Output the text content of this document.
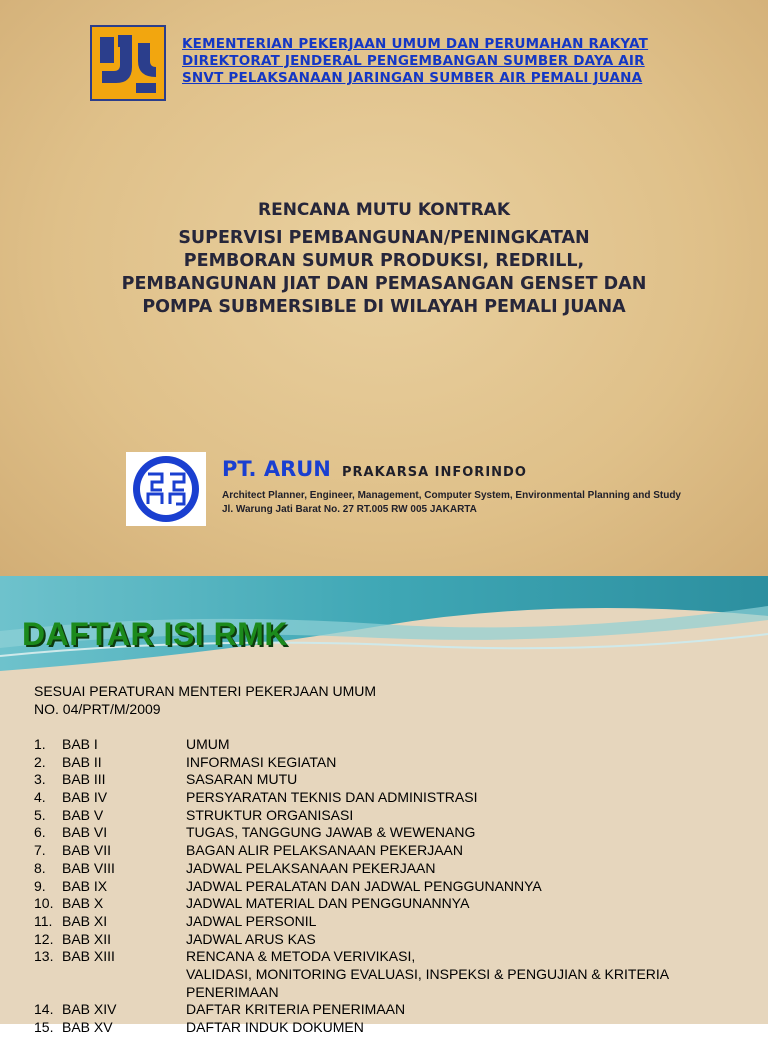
KEMENTERIAN PEKERJAAN UMUM DAN PERUMAHAN RAKYAT
DIREKTORAT JENDERAL PENGEMBANGAN SUMBER DAYA AIR
SNVT PELAKSANAAN JARINGAN SUMBER AIR PEMALI JUANA
RENCANA MUTU KONTRAK
SUPERVISI PEMBANGUNAN/PENINGKATAN
PEMBORAN SUMUR PRODUKSI, REDRILL,
PEMBANGUNAN JIAT DAN PEMASANGAN GENSET DAN
POMPA SUBMERSIBLE DI WILAYAH PEMALI JUANA
PT. ARUN PRAKARSA INFORINDO
Architect Planner, Engineer, Management, Computer System, Environmental Planning and Study
Jl. Warung Jati Barat No. 27 RT.005 RW 005 JAKARTA
DAFTAR ISI RMK
SESUAI PERATURAN MENTERI PEKERJAAN UMUM
NO. 04/PRT/M/2009
1. BAB I	UMUM
2. BAB II	INFORMASI KEGIATAN
3. BAB III	SASARAN MUTU
4. BAB IV	PERSYARATAN TEKNIS DAN ADMINISTRASI
5. BAB V	STRUKTUR ORGANISASI
6. BAB VI	TUGAS, TANGGUNG JAWAB & WEWENANG
7. BAB VII	BAGAN ALIR PELAKSANAAN PEKERJAAN
8. BAB VIII	JADWAL PELAKSANAAN PEKERJAAN
9. BAB IX	JADWAL PERALATAN DAN JADWAL PENGGUNANNYA
10. BAB X	JADWAL MATERIAL DAN PENGGUNANNYA
11. BAB XI	JADWAL PERSONIL
12. BAB XII	JADWAL ARUS KAS
13. BAB XIII	RENCANA & METODA VERIVIKASI,
VALIDASI, MONITORING EVALUASI, INSPEKSI & PENGUJIAN & KRITERIA
PENERIMAAN
14. BAB XIV	DAFTAR KRITERIA PENERIMAAN
15. BAB XV	DAFTAR INDUK DOKUMEN
